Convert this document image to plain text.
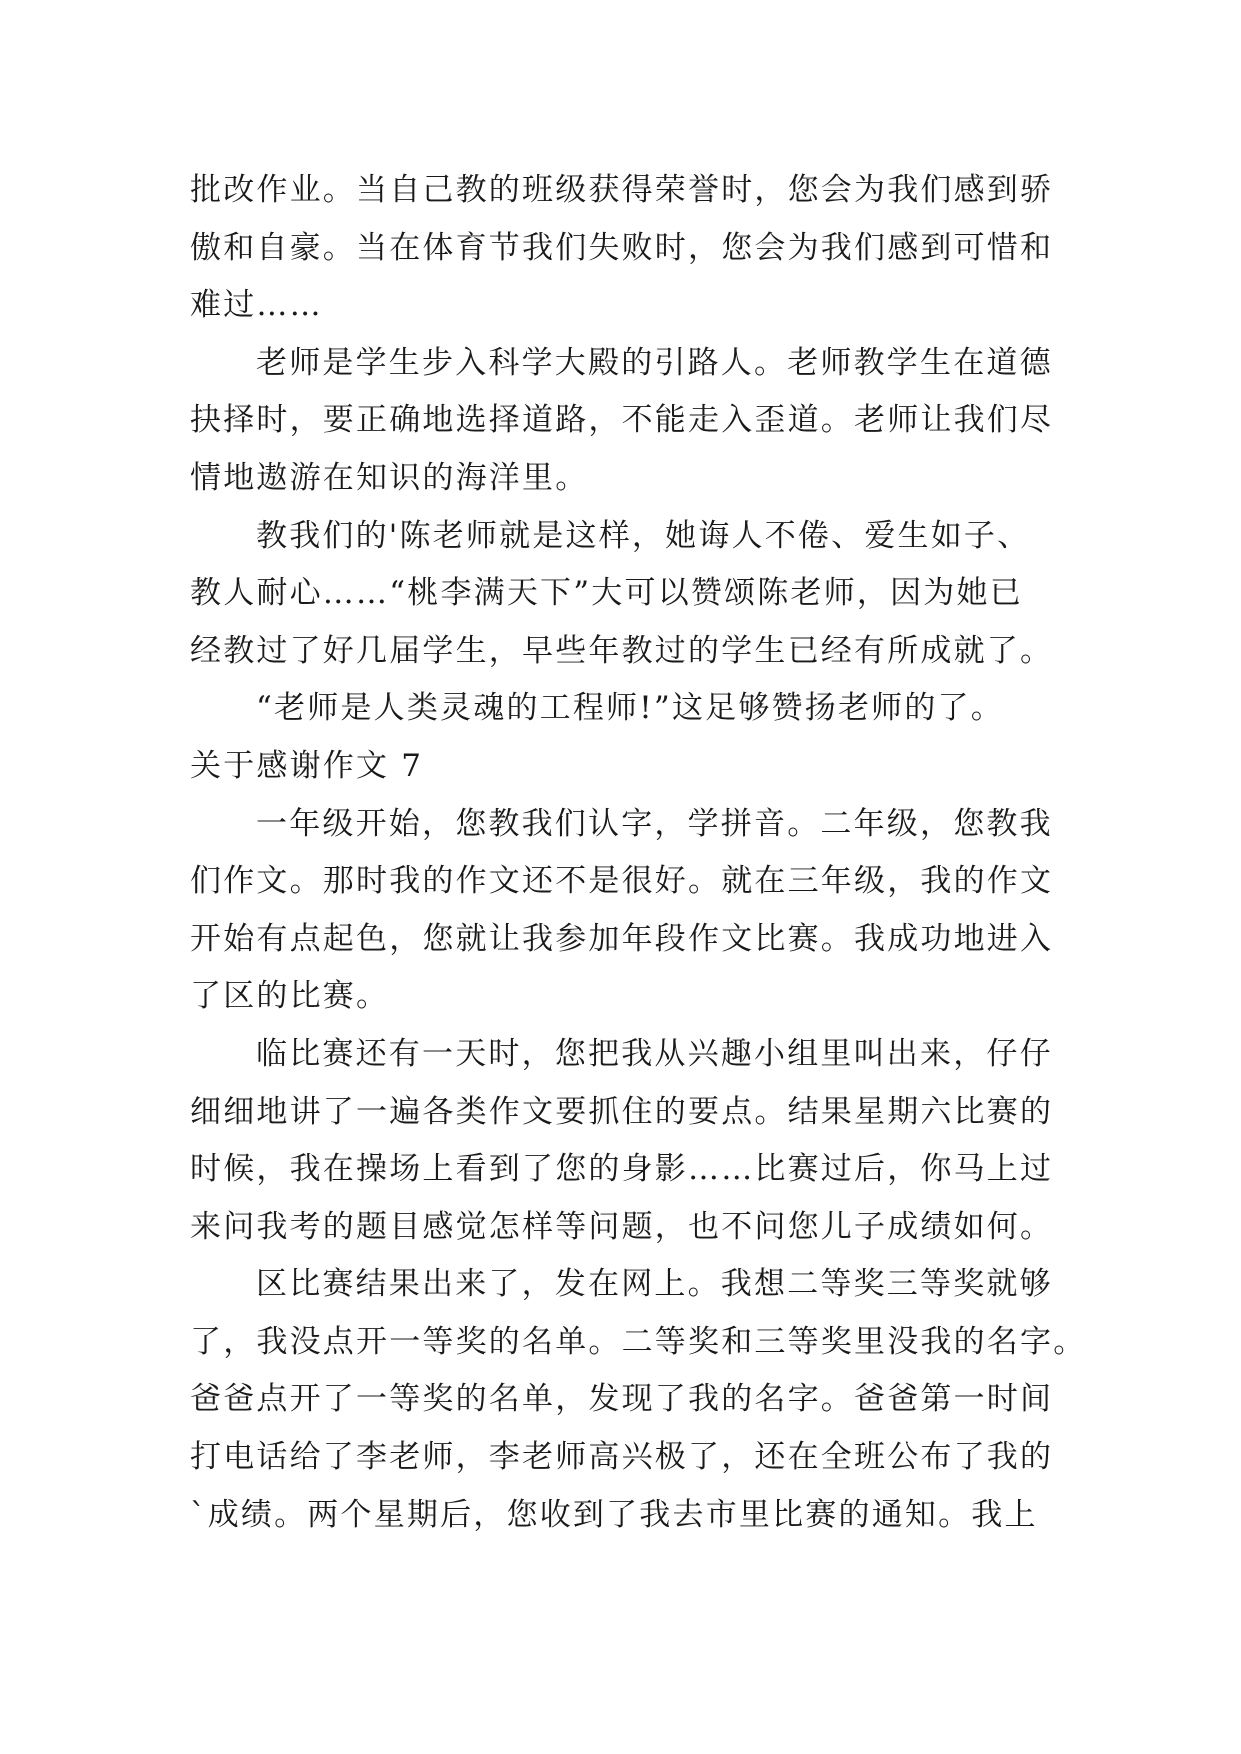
批改作业。当自己教的班级获得荣誉时，您会为我们感到骄
傲和自豪。当在体育节我们失败时，您会为我们感到可惜和
难过……
老师是学生步入科学大殿的引路人。老师教学生在道德
抉择时，要正确地选择道路，不能走入歪道。老师让我们尽
情地遨游在知识的海洋里。
教我们的'陈老师就是这样，她诲人不倦、爱生如子、
教人耐心……“桃李满天下”大可以赞颂陈老师，因为她已
经教过了好几届学生，早些年教过的学生已经有所成就了。
“老师是人类灵魂的工程师!”这足够赞扬老师的了。
关于感谢作文 7
一年级开始，您教我们认字，学拼音。二年级，您教我
们作文。那时我的作文还不是很好。就在三年级，我的作文
开始有点起色，您就让我参加年段作文比赛。我成功地进入
了区的比赛。
临比赛还有一天时，您把我从兴趣小组里叫出来，仔仔
细细地讲了一遍各类作文要抓住的要点。结果星期六比赛的
时候，我在操场上看到了您的身影……比赛过后，你马上过
来问我考的题目感觉怎样等问题，也不问您儿子成绩如何。
区比赛结果出来了，发在网上。我想二等奖三等奖就够
了，我没点开一等奖的名单。二等奖和三等奖里没我的名字。
爸爸点开了一等奖的名单，发现了我的名字。爸爸第一时间
打电话给了李老师，李老师高兴极了，还在全班公布了我的
`成绩。两个星期后，您收到了我去市里比赛的通知。我上
